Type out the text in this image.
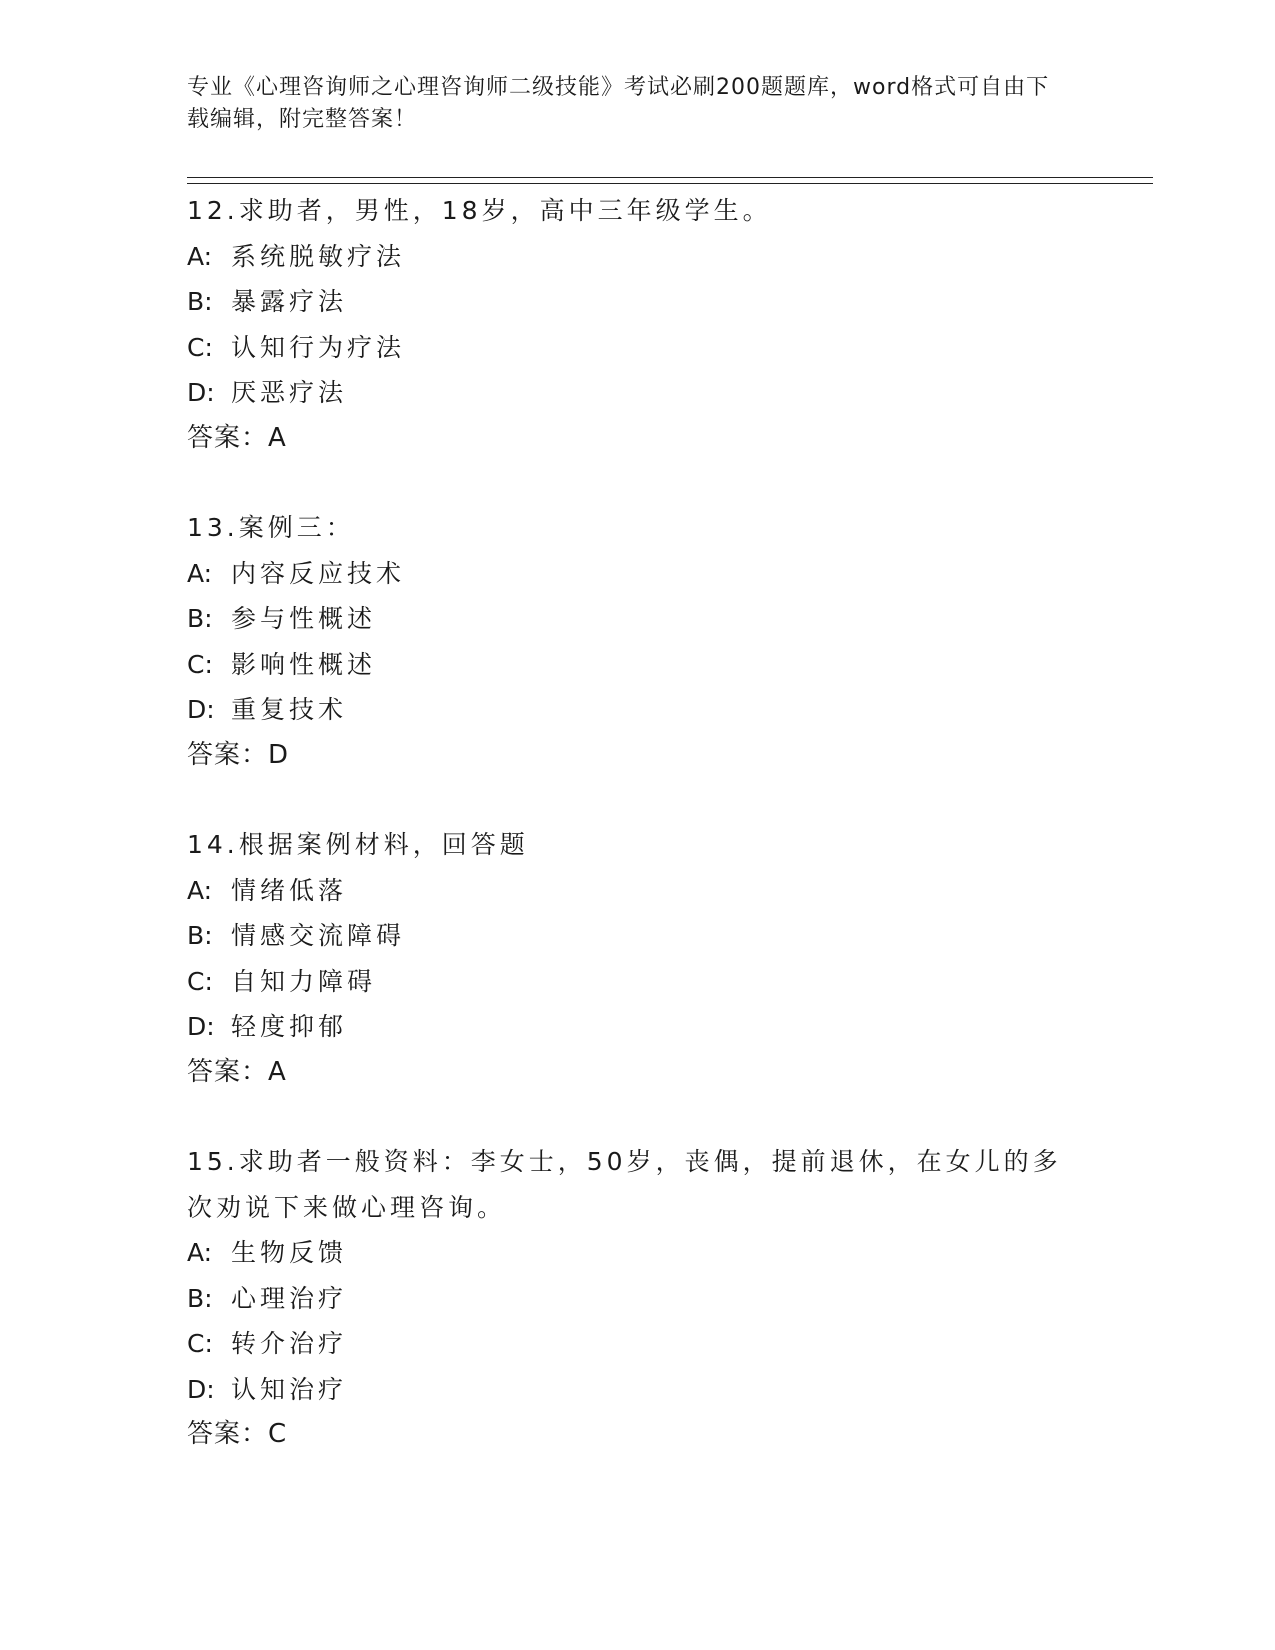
专业《心理咨询师之心理咨询师二级技能》考试必刷200题题库，word格式可自由下载编辑，附完整答案！
12.求助者，男性，18岁，高中三年级学生。
A: 系统脱敏疗法
B: 暴露疗法
C: 认知行为疗法
D: 厌恶疗法
答案：A
13.案例三：
A: 内容反应技术
B: 参与性概述
C: 影响性概述
D: 重复技术
答案：D
14.根据案例材料，回答题
A: 情绪低落
B: 情感交流障碍
C: 自知力障碍
D: 轻度抑郁
答案：A
15.求助者一般资料：李女士，50岁，丧偶，提前退休，在女儿的多次劝说下来做心理咨询。
A: 生物反馈
B: 心理治疗
C: 转介治疗
D: 认知治疗
答案：C
